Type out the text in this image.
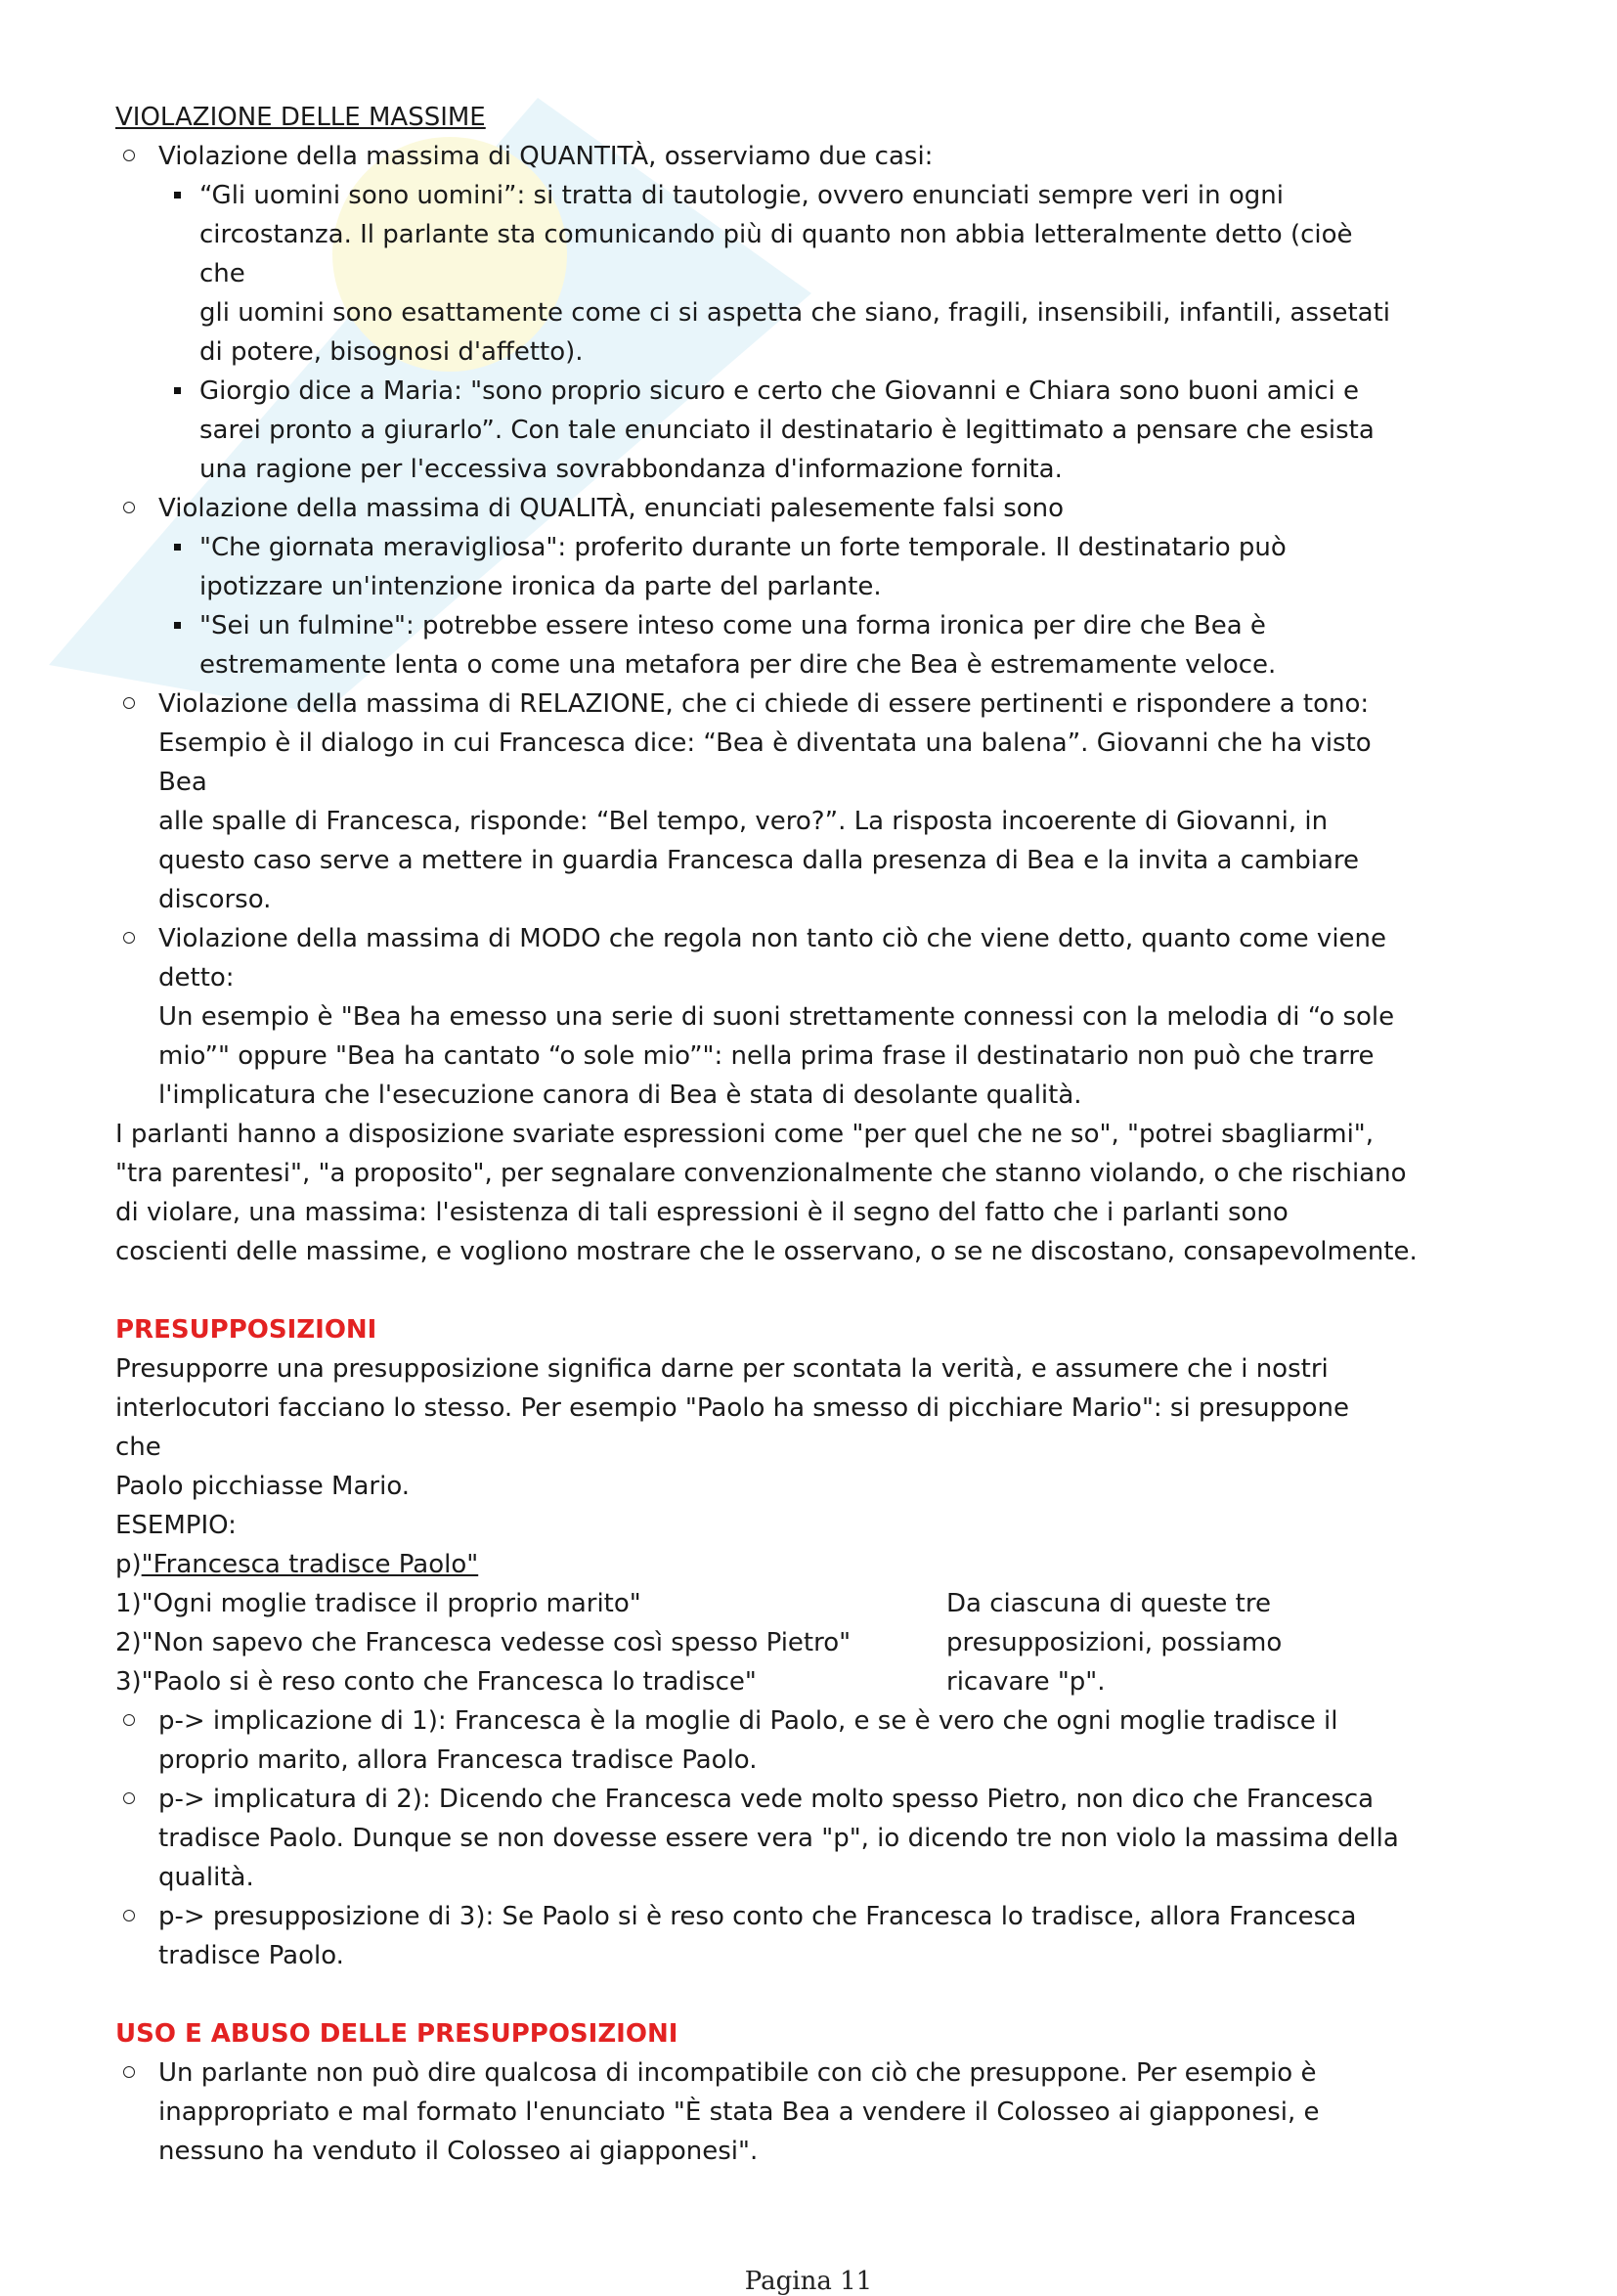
VIOLAZIONE DELLE MASSIME
Violazione della massima di QUANTITÀ, osserviamo due casi:
“Gli uomini sono uomini”: si tratta di tautologie, ovvero enunciati sempre veri in ogni
circostanza. Il parlante sta comunicando più di quanto non abbia letteralmente detto (cioè
che
gli uomini sono esattamente come ci si aspetta che siano, fragili, insensibili, infantili, assetati
di potere, bisognosi d'affetto).
Giorgio dice a Maria: "sono proprio sicuro e certo che Giovanni e Chiara sono buoni amici e
sarei pronto a giurarlo”. Con tale enunciato il destinatario è legittimato a pensare che esista
una ragione per l'eccessiva sovrabbondanza d'informazione fornita.
Violazione della massima di QUALITÀ, enunciati palesemente falsi sono
"Che giornata meravigliosa": proferito durante un forte temporale. Il destinatario può
ipotizzare un'intenzione ironica da parte del parlante.
"Sei un fulmine": potrebbe essere inteso come una forma ironica per dire che Bea è
estremamente lenta o come una metafora per dire che Bea è estremamente veloce.
Violazione della massima di RELAZIONE, che ci chiede di essere pertinenti e rispondere a tono:
Esempio è il dialogo in cui Francesca dice: “Bea è diventata una balena”. Giovanni che ha visto
Bea
alle spalle di Francesca, risponde: “Bel tempo, vero?”. La risposta incoerente di Giovanni, in
questo caso serve a mettere in guardia Francesca dalla presenza di Bea e la invita a cambiare
discorso.
Violazione della massima di MODO che regola non tanto ciò che viene detto, quanto come viene
detto:
Un esempio è "Bea ha emesso una serie di suoni strettamente connessi con la melodia di “o sole
mio”" oppure "Bea ha cantato “o sole mio”": nella prima frase il destinatario non può che trarre
l'implicatura che l'esecuzione canora di Bea è stata di desolante qualità.
I parlanti hanno a disposizione svariate espressioni come "per quel che ne so", "potrei sbagliarmi",
"tra parentesi", "a proposito", per segnalare convenzionalmente che stanno violando, o che rischiano
di violare, una massima: l'esistenza di tali espressioni è il segno del fatto che i parlanti sono
coscienti delle massime, e vogliono mostrare che le osservano, o se ne discostano, consapevolmente.
PRESUPPOSIZIONI
Presupporre una presupposizione significa darne per scontata la verità, e assumere che i nostri
interlocutori facciano lo stesso. Per esempio "Paolo ha smesso di picchiare Mario": si presuppone
che
Paolo picchiasse Mario.
ESEMPIO:
p)"Francesca tradisce Paolo"
1)"Ogni moglie tradisce il proprio marito"
2)"Non sapevo che Francesca vedesse così spesso Pietro"
3)"Paolo si è reso conto che Francesca lo tradisce"
Da ciascuna di queste tre
presupposizioni, possiamo
ricavare "p".
p-> implicazione di 1): Francesca è la moglie di Paolo, e se è vero che ogni moglie tradisce il
proprio marito, allora Francesca tradisce Paolo.
p-> implicatura di 2): Dicendo che Francesca vede molto spesso Pietro, non dico che Francesca
tradisce Paolo. Dunque se non dovesse essere vera "p", io dicendo tre non violo la massima della
qualità.
p-> presupposizione di 3): Se Paolo si è reso conto che Francesca lo tradisce, allora Francesca
tradisce Paolo.
USO E ABUSO DELLE PRESUPPOSIZIONI
Un parlante non può dire qualcosa di incompatibile con ciò che presuppone. Per esempio è
inappropriato e mal formato l'enunciato "È stata Bea a vendere il Colosseo ai giapponesi, e
nessuno ha venduto il Colosseo ai giapponesi".
Pagina 11
